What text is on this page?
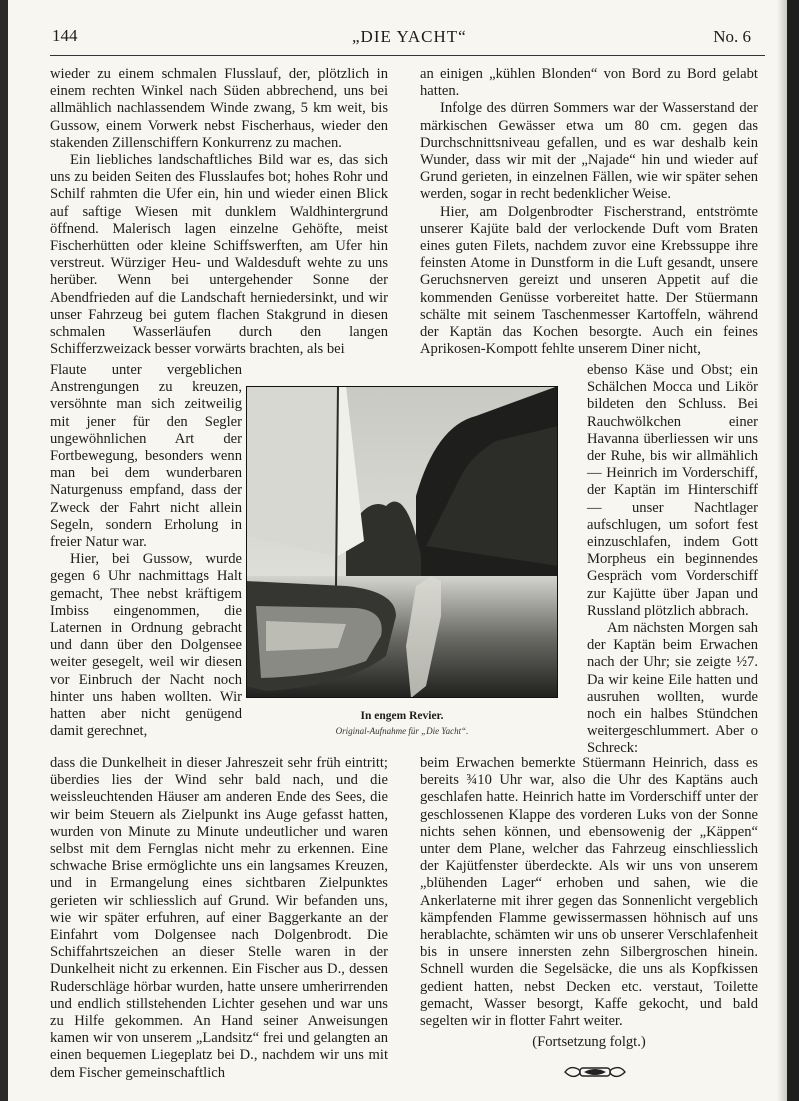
144	„DIE YACHT“	No. 6

wieder zu einem schmalen Flusslauf, der, plötzlich in einem rechten Winkel nach Süden abbrechend, uns bei allmählich nachlassendem Winde zwang, 5 km weit, bis Gussow, einem Vorwerk nebst Fischerhaus, wieder den stakenden Zillenschiffern Konkurrenz zu machen.

Ein liebliches landschaftliches Bild war es, das sich uns zu beiden Seiten des Flusslaufes bot; hohes Rohr und Schilf rahmten die Ufer ein, hin und wieder einen Blick auf saftige Wiesen mit dunklem Waldhintergrund öffnend. Malerisch lagen einzelne Gehöfte, meist Fischerhütten oder kleine Schiffswerften, am Ufer hin verstreut. Würziger Heu- und Waldesduft wehte zu uns herüber. Wenn bei untergehender Sonne der Abendfrieden auf die Landschaft herniedersinkt, und wir unser Fahrzeug bei gutem flachen Stakgrund in diesen schmalen Wasserläufen durch den langen Schifferzweizack besser vorwärts brachten, als bei

Flaute unter vergeblichen Anstrengungen zu kreuzen, versöhnte man sich zeitweilig mit jener für den Segler ungewöhnlichen Art der Fortbewegung, besonders wenn man bei dem wunderbaren Naturgenuss empfand, dass der Zweck der Fahrt nicht allein Segeln, sondern Erholung in freier Natur war.

Hier, bei Gussow, wurde gegen 6 Uhr nachmittags Halt gemacht, Thee nebst kräftigem Imbiss eingenommen, die Laternen in Ordnung gebracht und dann über den Dolgensee weiter gesegelt, weil wir diesen vor Einbruch der Nacht noch hinter uns haben wollten. Wir hatten aber nicht genügend damit gerechnet,

dass die Dunkelheit in dieser Jahreszeit sehr früh eintritt; überdies lies der Wind sehr bald nach, und die weissleuchtenden Häuser am anderen Ende des Sees, die wir beim Steuern als Zielpunkt ins Auge gefasst hatten, wurden von Minute zu Minute undeutlicher und waren selbst mit dem Fernglas nicht mehr zu erkennen. Eine schwache Brise ermöglichte uns ein langsames Kreuzen, und in Ermangelung eines sichtbaren Zielpunktes gerieten wir schliesslich auf Grund. Wir befanden uns, wie wir später erfuhren, auf einer Baggerkante an der Einfahrt vom Dolgensee nach Dolgenbrodt. Die Schiffahrtszeichen an dieser Stelle waren in der Dunkelheit nicht zu erkennen. Ein Fischer aus D., dessen Ruderschläge hörbar wurden, hatte unsere umherirrenden und endlich stillstehenden Lichter gesehen und war uns zu Hilfe gekommen. An Hand seiner Anweisungen kamen wir von unserem „Landsitz“ frei und gelangten an einen bequemen Liegeplatz bei D., nachdem wir uns mit dem Fischer gemeinschaftlich

an einigen „kühlen Blonden“ von Bord zu Bord gelabt hatten.

Infolge des dürren Sommers war der Wasserstand der märkischen Gewässer etwa um 80 cm. gegen das Durchschnittsniveau gefallen, und es war deshalb kein Wunder, dass wir mit der „Najade“ hin und wieder auf Grund gerieten, in einzelnen Fällen, wie wir später sehen werden, sogar in recht bedenklicher Weise.

Hier, am Dolgenbrodter Fischerstrand, entströmte unserer Kajüte bald der verlockende Duft vom Braten eines guten Filets, nachdem zuvor eine Krebssuppe ihre feinsten Atome in Dunstform in die Luft gesandt, unsere Geruchsnerven gereizt und unseren Appetit auf die kommenden Genüsse vorbereitet hatte. Der Stüermann schälte mit seinem Taschenmesser Kartoffeln, während der Kaptän das Kochen besorgte. Auch ein feines Aprikosen-Kompott fehlte unserem Diner nicht,

ebenso Käse und Obst; ein Schälchen Mocca und Likör bildeten den Schluss. Bei Rauchwölkchen einer Havanna überliessen wir uns der Ruhe, bis wir allmählich — Heinrich im Vorderschiff, der Kaptän im Hinterschiff — unser Nachtlager aufschlugen, um sofort fest einzuschlafen, indem Gott Morpheus ein beginnendes Gespräch vom Vorderschiff zur Kajütte über Japan und Russland plötzlich abbrach.

Am nächsten Morgen sah der Kaptän beim Erwachen nach der Uhr; sie zeigte ½7. Da wir keine Eile hatten und ausruhen wollten, wurde noch ein halbes Stündchen weitergeschlummert. Aber o Schreck:

beim Erwachen bemerkte Stüermann Heinrich, dass es bereits ¾10 Uhr war, also die Uhr des Kaptäns auch geschlafen hatte. Heinrich hatte im Vorderschiff unter der geschlossenen Klappe des vorderen Luks von der Sonne nichts sehen können, und ebensowenig der „Käppen“ unter dem Plane, welcher das Fahrzeug einschliesslich der Kajütfenster überdeckte. Als wir uns von unserem „blühenden Lager“ erhoben und sahen, wie die Ankerlaterne mit ihrer gegen das Sonnenlicht vergeblich kämpfenden Flamme gewissermassen höhnisch auf uns herablachte, schämten wir uns ob unserer Verschlafenheit bis in unsere innersten zehn Silbergroschen hinein. Schnell wurden die Segelsäcke, die uns als Kopfkissen gedient hatten, nebst Decken etc. verstaut, Toilette gemacht, Wasser besorgt, Kaffe gekocht, und bald segelten wir in flotter Fahrt weiter.

(Fortsetzung folgt.)

In engem Revier.
Original-Aufnahme für „Die Yacht“.
